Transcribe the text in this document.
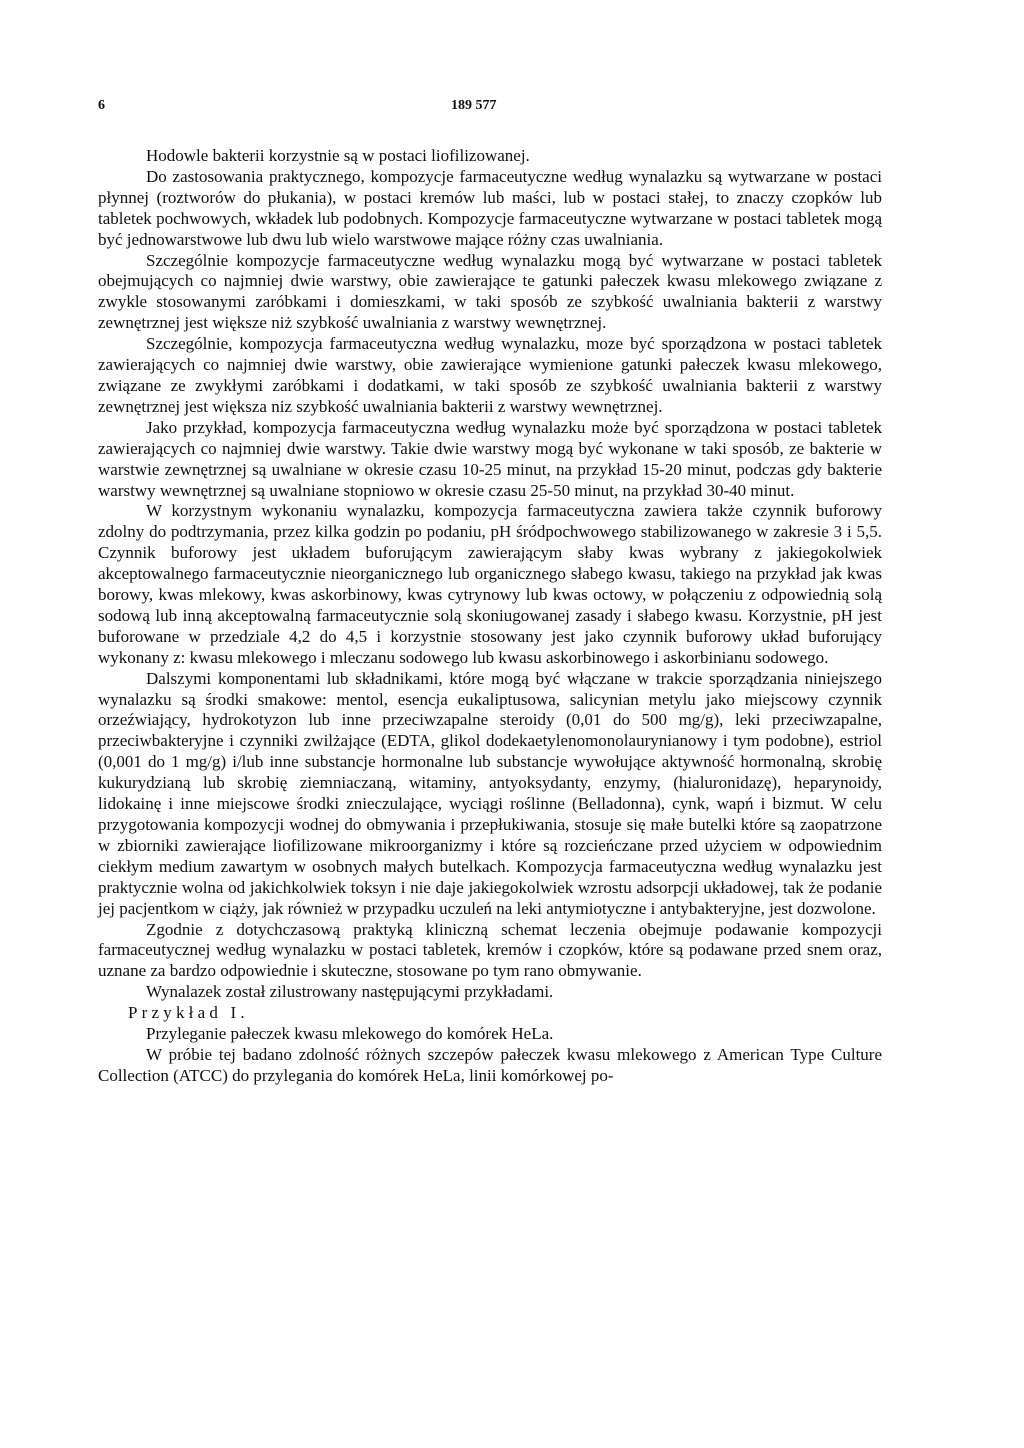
6	189 577

Hodowle bakterii korzystnie są w postaci liofilizowanej.

Do zastosowania praktycznego, kompozycje farmaceutyczne według wynalazku są wytwarzane w postaci płynnej (roztworów do płukania), w postaci kremów lub maści, lub w postaci stałej, to znaczy czopków lub tabletek pochwowych, wkładek lub podobnych. Kompozycje farmaceutyczne wytwarzane w postaci tabletek mogą być jednowarstwowe lub dwu lub wielo warstwowe mające różny czas uwalniania.

Szczególnie kompozycje farmaceutyczne według wynalazku mogą być wytwarzane w postaci tabletek obejmujących co najmniej dwie warstwy, obie zawierające te gatunki pałeczek kwasu mlekowego związane z zwykle stosowanymi zaróbkami i domieszkami, w taki sposób ze szybkość uwalniania bakterii z warstwy zewnętrznej jest większe niż szybkość uwalniania z warstwy wewnętrznej.

Szczególnie, kompozycja farmaceutyczna według wynalazku, moze być sporządzona w postaci tabletek zawierających co najmniej dwie warstwy, obie zawierające wymienione gatunki pałeczek kwasu mlekowego, związane ze zwykłymi zaróbkami i dodatkami, w taki sposób ze szybkość uwalniania bakterii z warstwy zewnętrznej jest większa niz szybkość uwalniania bakterii z warstwy wewnętrznej.

Jako przykład, kompozycja farmaceutyczna według wynalazku może być sporządzona w postaci tabletek zawierających co najmniej dwie warstwy. Takie dwie warstwy mogą być wykonane w taki sposób, ze bakterie w warstwie zewnętrznej są uwalniane w okresie czasu 10-25 minut, na przykład 15-20 minut, podczas gdy bakterie warstwy wewnętrznej są uwalniane stopniowo w okresie czasu 25-50 minut, na przykład 30-40 minut.

W korzystnym wykonaniu wynalazku, kompozycja farmaceutyczna zawiera także czynnik buforowy zdolny do podtrzymania, przez kilka godzin po podaniu, pH śródpochwowego stabilizowanego w zakresie 3 i 5,5. Czynnik buforowy jest układem buforującym zawierającym słaby kwas wybrany z jakiegokolwiek akceptowalnego farmaceutycznie nieorganicznego lub organicznego słabego kwasu, takiego na przykład jak kwas borowy, kwas mlekowy, kwas askorbinowy, kwas cytrynowy lub kwas octowy, w połączeniu z odpowiednią solą sodową lub inną akceptowalną farmaceutycznie solą skoniugowanej zasady i słabego kwasu. Korzystnie, pH jest buforowane w przedziale 4,2 do 4,5 i korzystnie stosowany jest jako czynnik buforowy układ buforujący wykonany z: kwasu mlekowego i mleczanu sodowego lub kwasu askorbinowego i askorbinianu sodowego.

Dalszymi komponentami lub składnikami, które mogą być włączane w trakcie sporządzania niniejszego wynalazku są środki smakowe: mentol, esencja eukaliptusowa, salicynian metylu jako miejscowy czynnik orzeźwiający, hydrokotyzon lub inne przeciwzapalne steroidy (0,01 do 500 mg/g), leki przeciwzapalne, przeciwbakteryjne i czynniki zwilżające (EDTA, glikol dodekaetylenomonolaurynianowy i tym podobne), estriol (0,001 do 1 mg/g) i/lub inne substancje hormonalne lub substancje wywołujące aktywność hormonalną, skrobię kukurydzianą lub skrobię ziemniaczaną, witaminy, antyoksydanty, enzymy, (hialuronidazę), heparynoidy, lidokainę i inne miejscowe środki znieczulające, wyciągi roślinne (Belladonna), cynk, wapń i bizmut. W celu przygotowania kompozycji wodnej do obmywania i przepłukiwania, stosuje się małe butelki które są zaopatrzone w zbiorniki zawierające liofilizowane mikroorganizmy i które są rozcieńczane przed użyciem w odpowiednim ciekłym medium zawartym w osobnych małych butelkach. Kompozycja farmaceutyczna według wynalazku jest praktycznie wolna od jakichkolwiek toksyn i nie daje jakiegokolwiek wzrostu adsorpcji układowej, tak że podanie jej pacjentkom w ciąży, jak również w przypadku uczuleń na leki antymiotyczne i antybakteryjne, jest dozwolone.

Zgodnie z dotychczasową praktyką kliniczną schemat leczenia obejmuje podawanie kompozycji farmaceutycznej według wynalazku w postaci tabletek, kremów i czopków, które są podawane przed snem oraz, uznane za bardzo odpowiednie i skuteczne, stosowane po tym rano obmywanie.

Wynalazek został zilustrowany następującymi przykładami.

Przykład I.

Przyleganie pałeczek kwasu mlekowego do komórek HeLa.

W próbie tej badano zdolność różnych szczepów pałeczek kwasu mlekowego z American Type Culture Collection (ATCC) do przylegania do komórek HeLa, linii komórkowej po-
